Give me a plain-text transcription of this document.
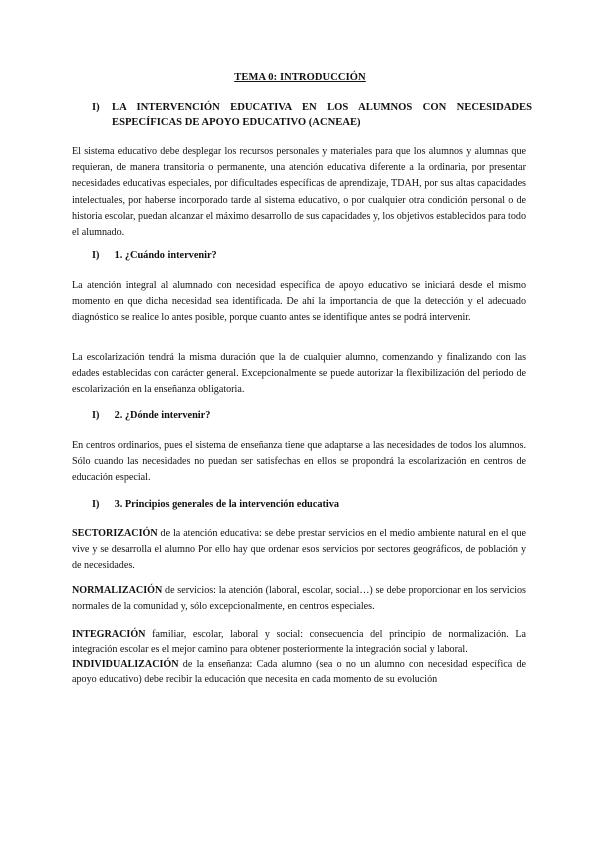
TEMA 0: INTRODUCCIÓN
I) LA INTERVENCIÓN EDUCATIVA EN LOS ALUMNOS CON NECESIDADES ESPECÍFICAS DE APOYO EDUCATIVO (ACNEAE)
El sistema educativo debe desplegar los recursos personales y materiales para que los alumnos y alumnas que requieran, de manera transitoria o permanente, una atención educativa diferente a la ordinaria, por presentar necesidades educativas especiales, por dificultades específicas de aprendizaje, TDAH, por sus altas capacidades intelectuales, por haberse incorporado tarde al sistema educativo, o por cualquier otra condición personal o de historia escolar, puedan alcanzar el máximo desarrollo de sus capacidades y, los objetivos establecidos para todo el alumnado.
I) 1. ¿Cuándo intervenir?
La atención integral al alumnado con necesidad específica de apoyo educativo se iniciará desde el mismo momento en que dicha necesidad sea identificada. De ahí la importancia de que la detección y el adecuado diagnóstico se realice lo antes posible, porque cuanto antes se identifique antes se podrá intervenir.
La escolarización tendrá la misma duración que la de cualquier alumno, comenzando y finalizando con las edades establecidas con carácter general. Excepcionalmente se puede autorizar la flexibilización del periodo de escolarización en la enseñanza obligatoria.
I) 2. ¿Dónde intervenir?
En centros ordinarios, pues el sistema de enseñanza tiene que adaptarse a las necesidades de todos los alumnos. Sólo cuando las necesidades no puedan ser satisfechas en ellos se propondrá la escolarización en centros de educación especial.
I) 3. Principios generales de la intervención educativa
SECTORIZACIÓN de la atención educativa: se debe prestar servicios en el medio ambiente natural en el que vive y se desarrolla el alumno Por ello hay que ordenar esos servicios por sectores geográficos, de población y de necesidades.
NORMALIZACIÓN de servicios: la atención (laboral, escolar, social…) se debe proporcionar en los servicios normales de la comunidad y, sólo excepcionalmente, en centros especiales.
INTEGRACIÓN familiar, escolar, laboral y social: consecuencia del principio de normalización. La integración escolar es el mejor camino para obtener posteriormente la integración social y laboral.
INDIVIDUALIZACIÓN de la enseñanza: Cada alumno (sea o no un alumno con necesidad específica de apoyo educativo) debe recibir la educación que necesita en cada momento de su evolución
